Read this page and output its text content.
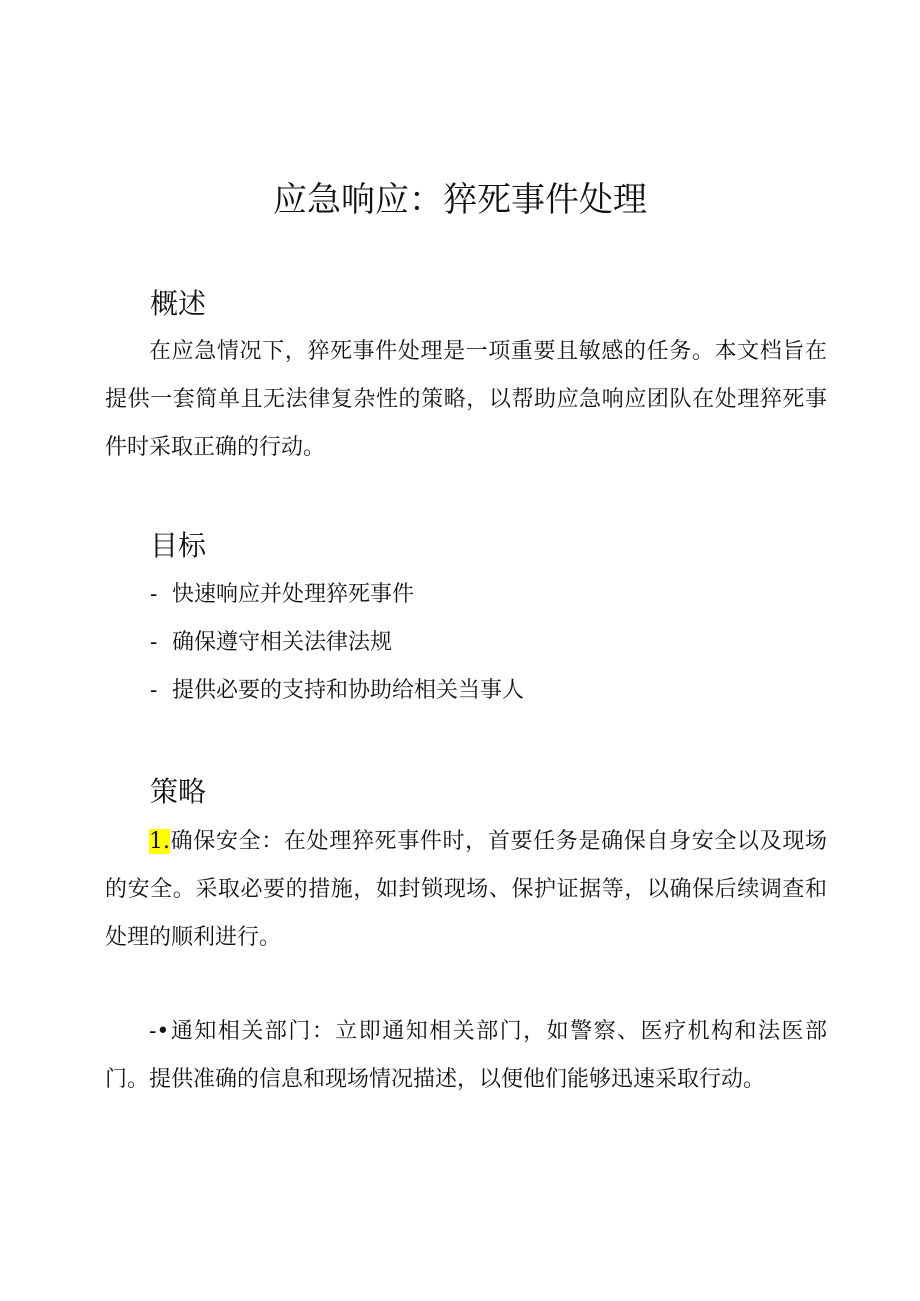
应急响应：猝死事件处理
概述

在应急情况下，猝死事件处理是一项重要且敏感的任务。本文档旨在提供一套简单且无法律复杂性的策略，以帮助应急响应团队在处理猝死事件时采取正确的行动。

目标
- 快速响应并处理猝死事件
- 确保遵守相关法律法规
- 提供必要的支持和协助给相关当事人
策略

1.确保安全：在处理猝死事件时，首要任务是确保自身安全以及现场的安全。采取必要的措施，如封锁现场、保护证据等，以确保后续调查和处理的顺利进行。

-•通知相关部门：立即通知相关部门，如警察、医疗机构和法医部门。提供准确的信息和现场情况描述，以便他们能够迅速采取行动。
